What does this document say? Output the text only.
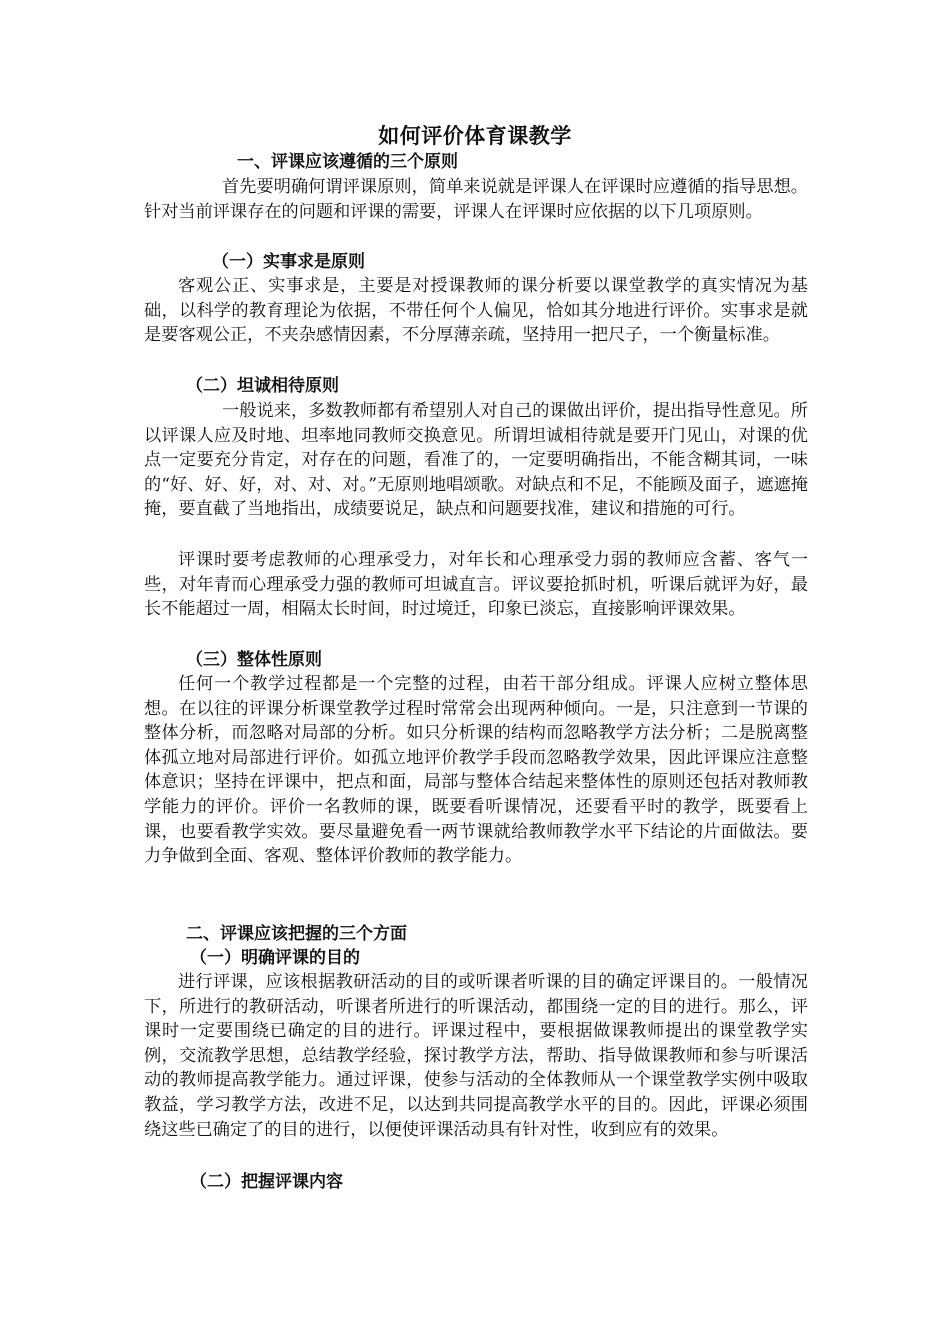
如何评价体育课教学
一、评课应该遵循的三个原则
首先要明确何谓评课原则，简单来说就是评课人在评课时应遵循的指导思想。针对当前评课存在的问题和评课的需要，评课人在评课时应依据的以下几项原则。
（一）实事求是原则
客观公正、实事求是，主要是对授课教师的课分析要以课堂教学的真实情况为基础，以科学的教育理论为依据，不带任何个人偏见，恰如其分地进行评价。实事求是就是要客观公正，不夹杂感情因素，不分厚薄亲疏，坚持用一把尺子，一个衡量标准。
（二）坦诚相待原则
一般说来，多数教师都有希望别人对自己的课做出评价，提出指导性意见。所以评课人应及时地、坦率地同教师交换意见。所谓坦诚相待就是要开门见山，对课的优点一定要充分肯定，对存在的问题，看准了的，一定要明确指出，不能含糊其词，一味的“好、好、好，对、对、对。”无原则地唱颂歌。对缺点和不足，不能顾及面子，遮遮掩掩，要直截了当地指出，成绩要说足，缺点和问题要找准，建议和措施的可行。
评课时要考虑教师的心理承受力，对年长和心理承受力弱的教师应含蓄、客气一些，对年青而心理承受力强的教师可坦诚直言。评议要抢抓时机，听课后就评为好，最长不能超过一周，相隔太长时间，时过境迁，印象已淡忘，直接影响评课效果。
（三）整体性原则
任何一个教学过程都是一个完整的过程，由若干部分组成。评课人应树立整体思想。在以往的评课分析课堂教学过程时常常会出现两种倾向。一是，只注意到一节课的整体分析，而忽略对局部的分析。如只分析课的结构而忽略教学方法分析；二是脱离整体孤立地对局部进行评价。如孤立地评价教学手段而忽略教学效果，因此评课应注意整体意识；坚持在评课中，把点和面，局部与整体合结起来整体性的原则还包括对教师教学能力的评价。评价一名教师的课，既要看听课情况，还要看平时的教学，既要看上课，也要看教学实效。要尽量避免看一两节课就给教师教学水平下结论的片面做法。要力争做到全面、客观、整体评价教师的教学能力。
二、评课应该把握的三个方面
（一）明确评课的目的
进行评课，应该根据教研活动的目的或听课者听课的目的确定评课目的。一般情况下，所进行的教研活动，听课者所进行的听课活动，都围绕一定的目的进行。那么，评课时一定要围绕已确定的目的进行。评课过程中，要根据做课教师提出的课堂教学实例，交流教学思想，总结教学经验，探讨教学方法，帮助、指导做课教师和参与听课活动的教师提高教学能力。通过评课，使参与活动的全体教师从一个课堂教学实例中吸取教益，学习教学方法，改进不足，以达到共同提高教学水平的目的。因此，评课必须围绕这些已确定了的目的进行，以便使评课活动具有针对性，收到应有的效果。
（二）把握评课内容
